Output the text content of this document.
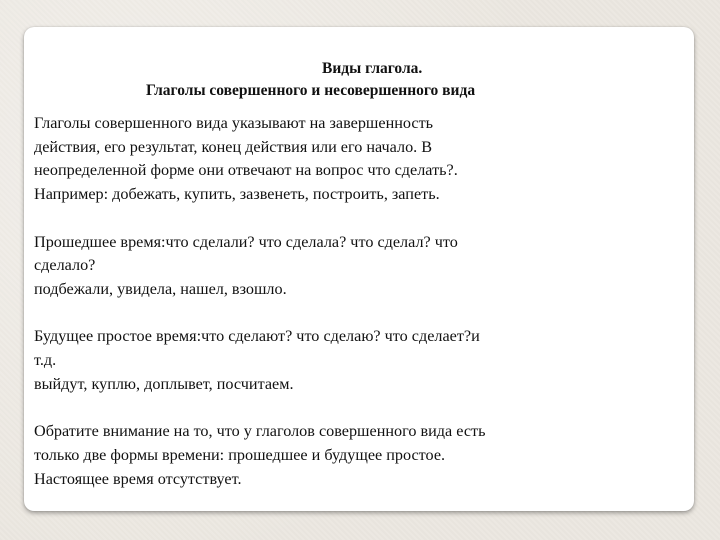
Виды глагола.
Глаголы совершенного и несовершенного вида
Глаголы совершенного вида указывают на завершенность
действия, его результат, конец действия или его начало. В
неопределенной форме они отвечают на вопрос что сделать?.
Например: добежать, купить, зазвенеть, построить, запеть.
Прошедшее время:что сделали? что сделала? что сделал? что
сделало?
подбежали, увидела, нашел, взошло.
Будущее простое время:что сделают? что сделаю? что сделает?и
т.д.
выйдут, куплю, доплывет, посчитаем.
Обратите внимание на то, что у глаголов совершенного вида есть
только две формы времени: прошедшее и будущее простое.
Настоящее время отсутствует.
